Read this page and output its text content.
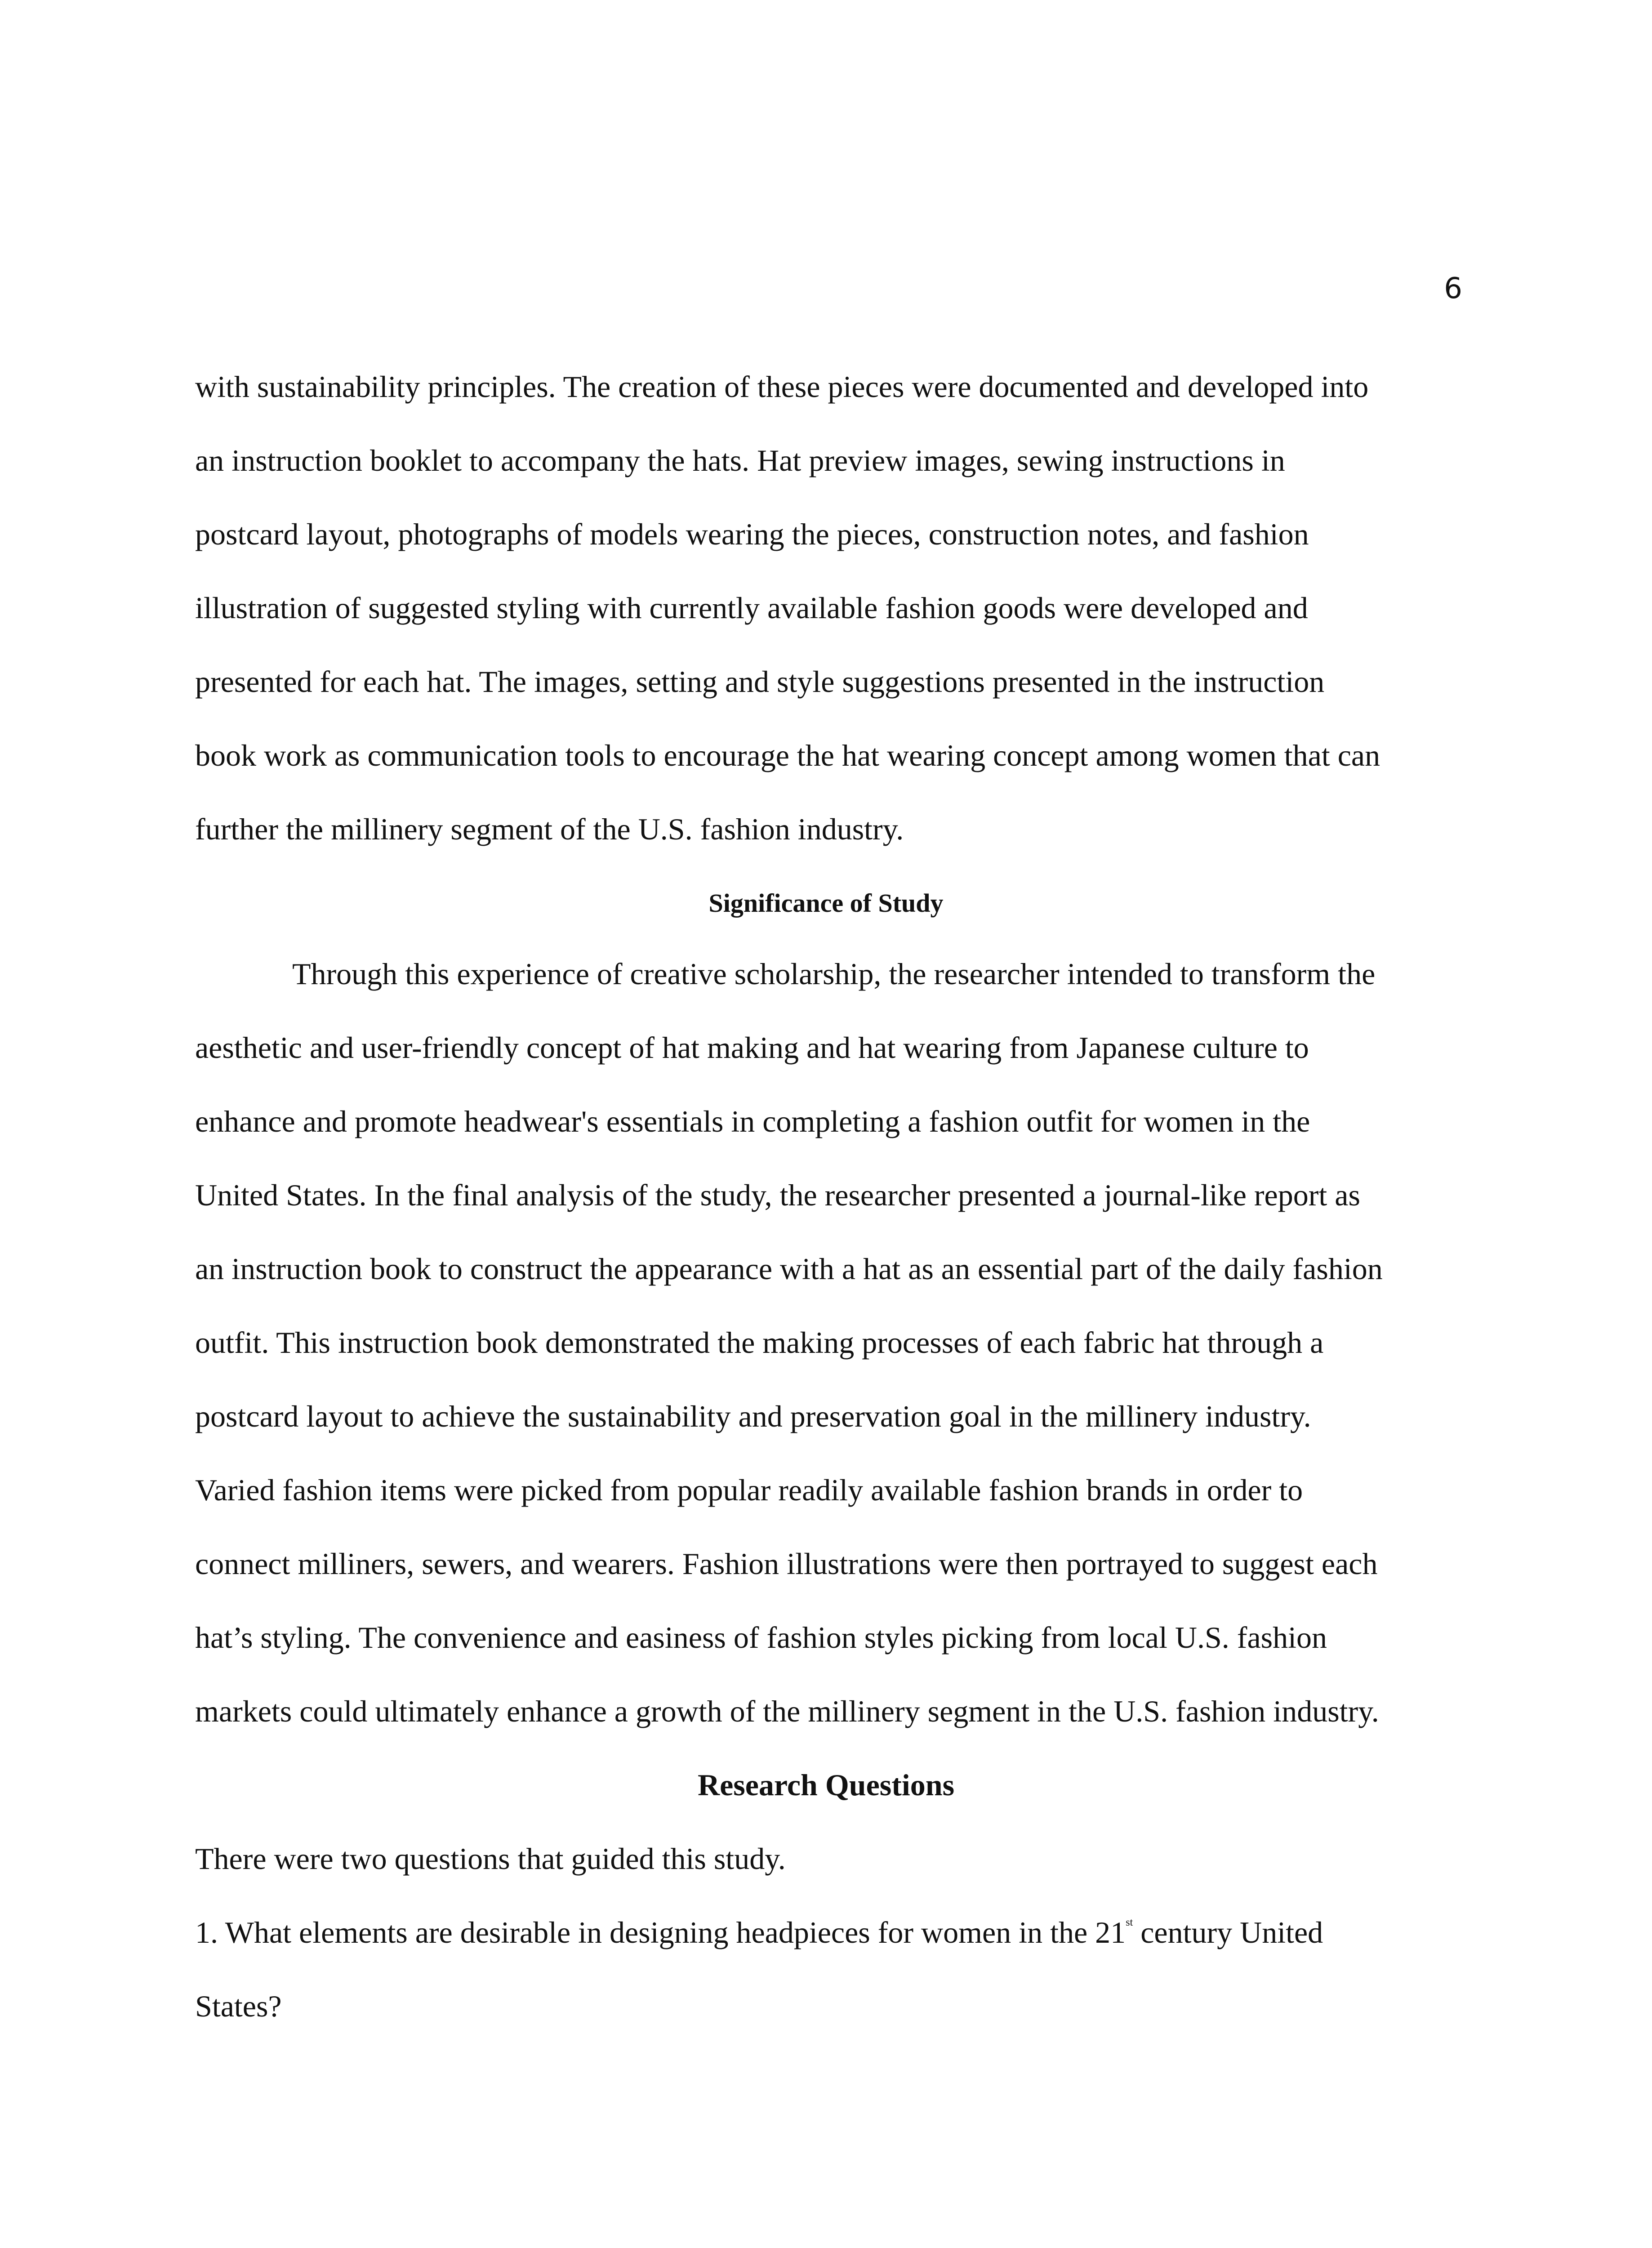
6
with sustainability principles. The creation of these pieces were documented and developed into
an instruction booklet to accompany the hats. Hat preview images, sewing instructions in
postcard layout, photographs of models wearing the pieces, construction notes, and fashion
illustration of suggested styling with currently available fashion goods were developed and
presented for each hat. The images, setting and style suggestions presented in the instruction
book work as communication tools to encourage the hat wearing concept among women that can
further the millinery segment of the U.S. fashion industry.
Significance of Study
Through this experience of creative scholarship, the researcher intended to transform the
aesthetic and user-friendly concept of hat making and hat wearing from Japanese culture to
enhance and promote headwear's essentials in completing a fashion outfit for women in the
United States. In the final analysis of the study, the researcher presented a journal-like report as
an instruction book to construct the appearance with a hat as an essential part of the daily fashion
outfit. This instruction book demonstrated the making processes of each fabric hat through a
postcard layout to achieve the sustainability and preservation goal in the millinery industry.
Varied fashion items were picked from popular readily available fashion brands in order to
connect milliners, sewers, and wearers. Fashion illustrations were then portrayed to suggest each
hat’s styling. The convenience and easiness of fashion styles picking from local U.S. fashion
markets could ultimately enhance a growth of the millinery segment in the U.S. fashion industry.
Research Questions
There were two questions that guided this study.
1. What elements are desirable in designing headpieces for women in the 21st century United
States?
